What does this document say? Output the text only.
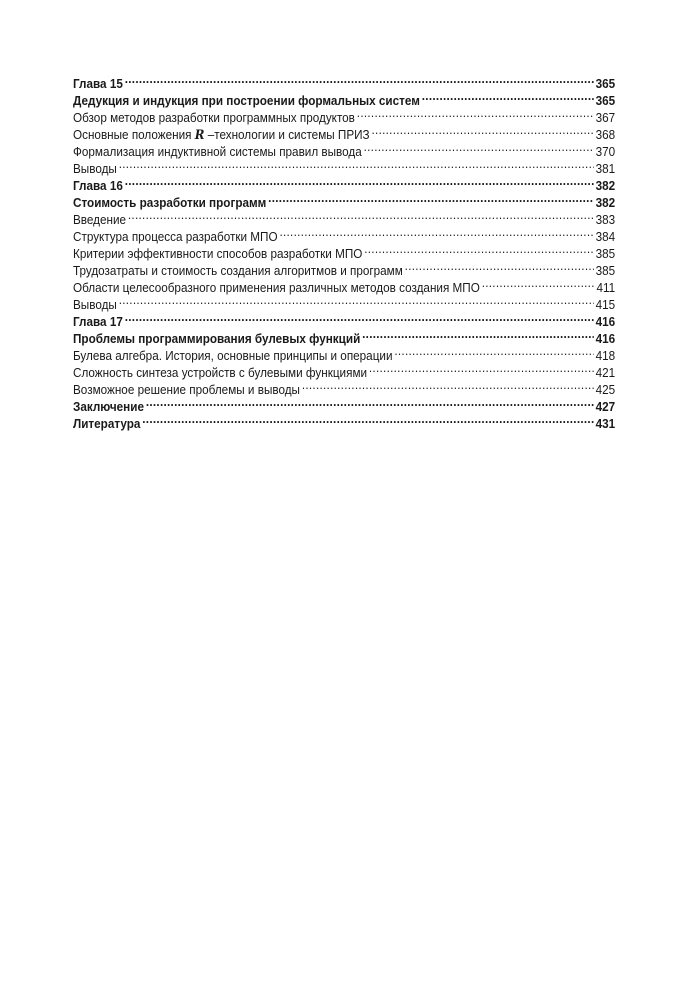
Глава 15 .....	365
Дедукция и индукция при построении формальных систем .....	365
Обзор методов разработки программных продуктов .....	367
Основные положения R –технологии и системы ПРИЗ .....	368
Формализация индуктивной системы правил вывода .....	370
Выводы .....	381
Глава 16 .....	382
Стоимость разработки программ .....	382
Введение .....	383
Структура процесса разработки МПО .....	384
Критерии эффективности способов разработки МПО .....	385
Трудозатраты и стоимость создания алгоритмов и программ .....	385
Области целесообразного применения различных методов создания МПО .....	411
Выводы .....	415
Глава 17 .....	416
Проблемы программирования булевых функций .....	416
Булева алгебра. История, основные принципы и операции .....	418
Сложность синтеза устройств с булевыми функциями .....	421
Возможное решение проблемы и выводы .....	425
Заключение .....	427
Литература .....	431
